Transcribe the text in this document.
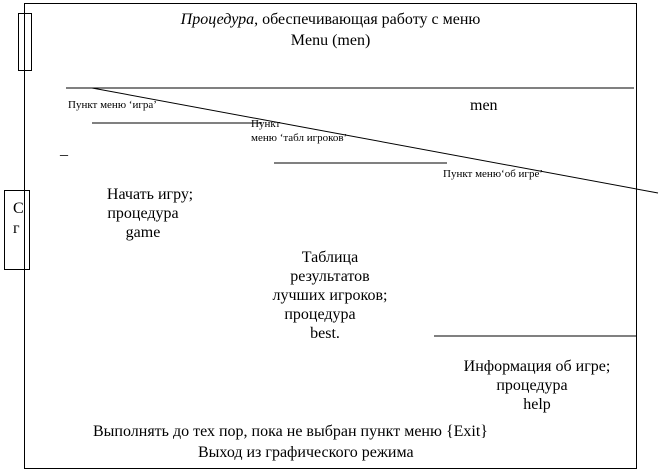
C
г
Процедура, обеспечивающая работу с меню
Menu (men)
men
Пункт меню ‘игра’
Пункт
меню ‘табл игроков’
Пункт меню‘об игре’
_
Начать игру;
процедура
game
Таблица
результатов
лучших игроков;
процедура
best.
Информация об игре;
процедура
help
Выполнять до тех пор, пока не выбран пункт меню {Exit}
Выход из графического режима
